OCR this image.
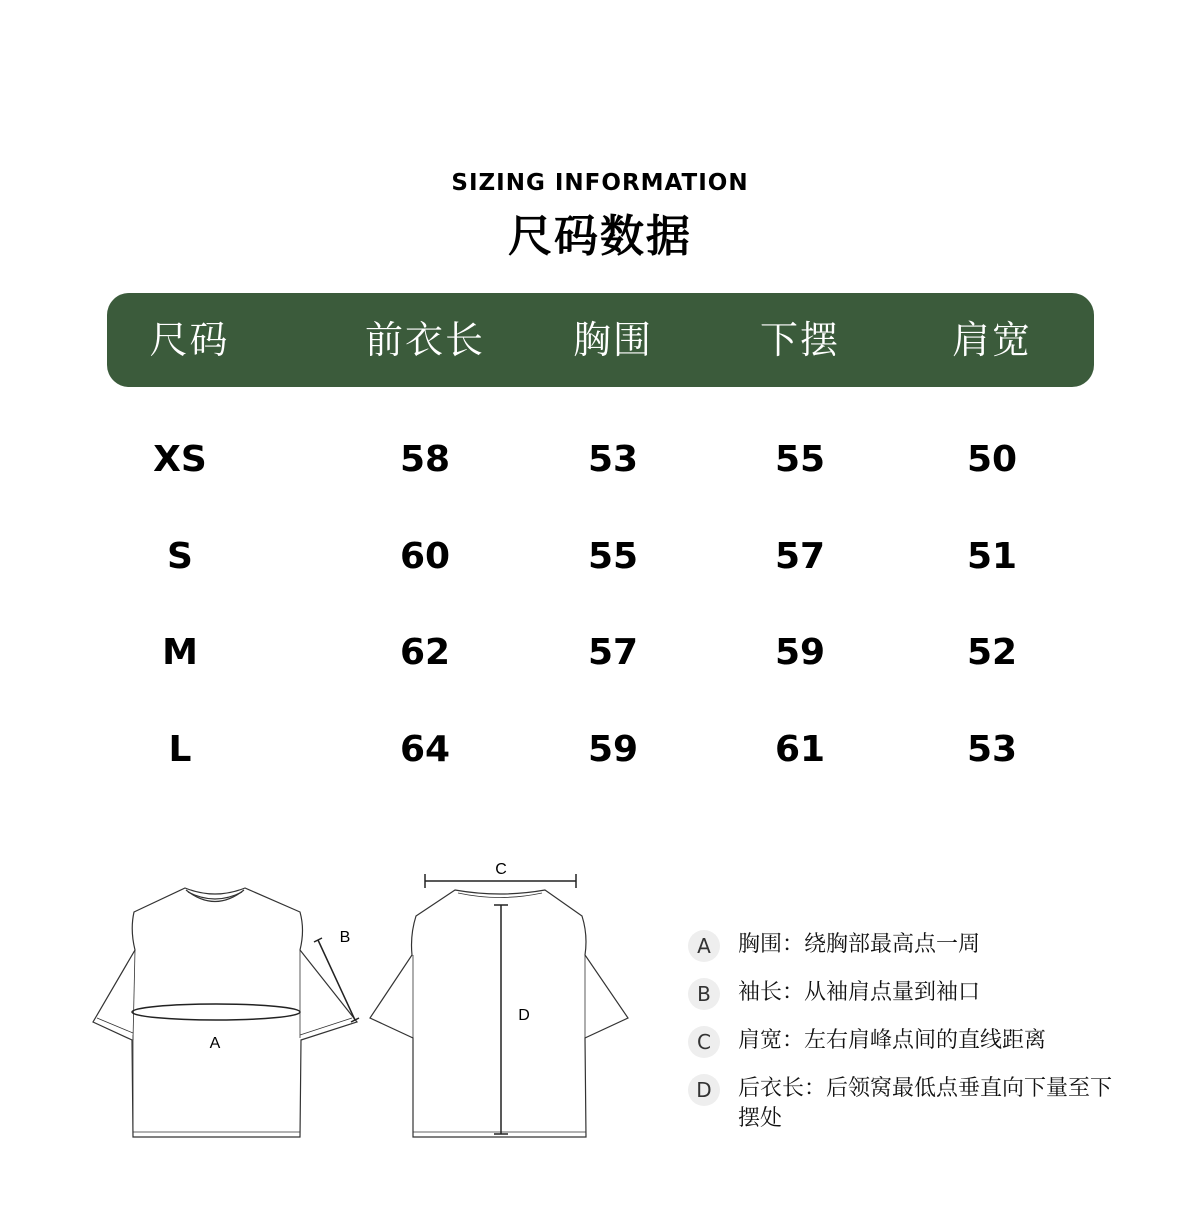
SIZING INFORMATION
尺码数据
尺码	前衣长	胸围	下摆	肩宽
XS	58	53	55	50
S	60	55	57	51
M	62	57	59	52
L	64	59	61	53
A
B
C
D
A	胸围：绕胸部最高点一周
B	袖长：从袖肩点量到袖口
C	肩宽：左右肩峰点间的直线距离
D	后衣长：后领窝最低点垂直向下量至下摆处
